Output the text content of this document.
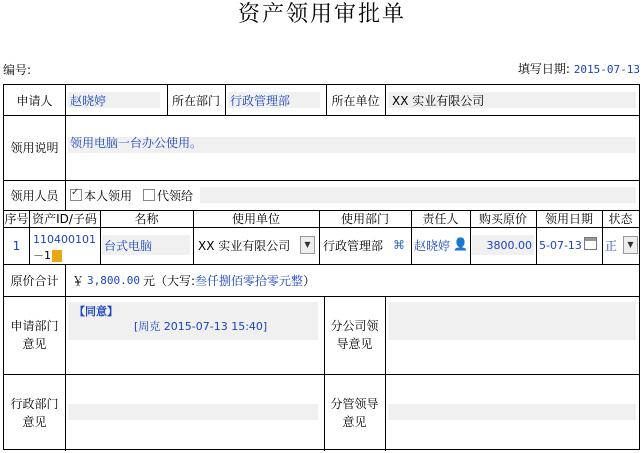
资产领用审批单
编号:	填写日期: 2015-07-13
申请人	赵晓婷	所在部门 行政管理部	所在单位	XX 实业有限公司
领用说明 领用电脑一台办公使用。
领用人员
✓	本人领用 代领给
序号 资产ID/子码	名称	使用单位	使用部门	责任人	购买原价	领用日期	状态
1	110400101
－1
台式电脑	XX 实业有限公司	▼	行政管理部 ⌘ 赵晓婷 👤	3800.00 5-07-13 正	▼
原价合计	￥ 3,800.00 元（大写: 叁仟捌佰零拾零元整 ）
申请部门意见
【同意】
[周克 2015-07-13 15:40]	分公司领导意见
行政部门意见
分管领导意见
